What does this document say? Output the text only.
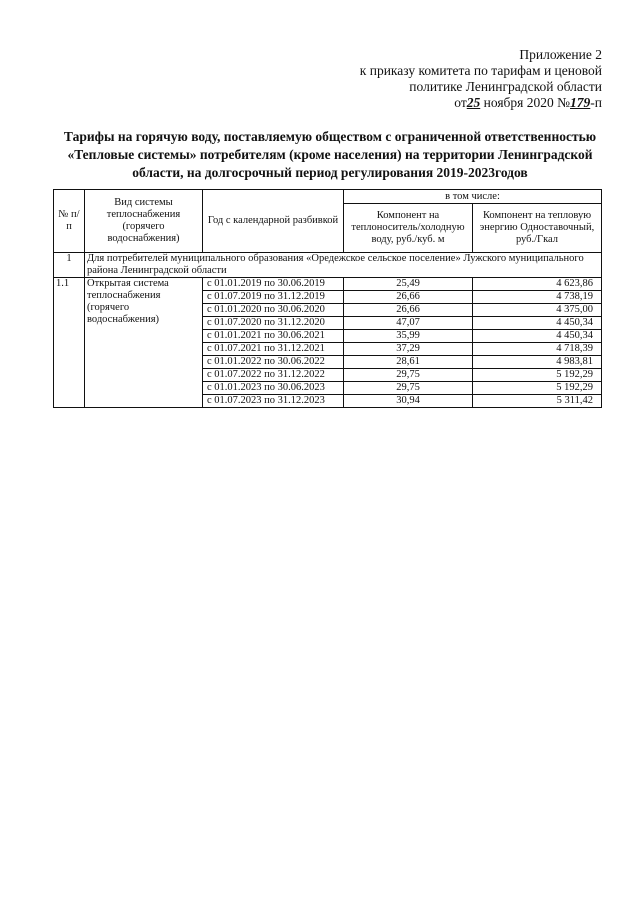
Приложение 2
к приказу комитета по тарифам и ценовой
политике Ленинградской области
от25 ноября 2020 №179-п
Тарифы на горячую воду, поставляемую обществом с ограниченной ответственностью
«Тепловые системы» потребителям (кроме населения) на территории Ленинградской
области, на долгосрочный период регулирования 2019-2023годов
№ п/п	Вид системы теплоснабжения (горячего водоснабжения)	Год с календарной разбивкой	в том числе:	
			Компонент на теплоноситель/холодную воду, руб./куб. м	Компонент на тепловую энергию Одноставочный, руб./Гкал
1	Для потребителей муниципального образования «Оредежское сельское поселение» Лужского муниципального района Ленинградской области			
1.1	Открытая система теплоснабжения (горячего водоснабжения)	с 01.01.2019 по 30.06.2019	25,49	4 623,86
		с 01.07.2019 по 31.12.2019	26,66	4 738,19
		с 01.01.2020 по 30.06.2020	26,66	4 375,00
		с 01.07.2020 по 31.12.2020	47,07	4 450,34
		с 01.01.2021 по 30.06.2021	35,99	4 450,34
		с 01.07.2021 по 31.12.2021	37,29	4 718,39
		с 01.01.2022 по 30.06.2022	28,61	4 983,81
		с 01.07.2022 по 31.12.2022	29,75	5 192,29
		с 01.01.2023 по 30.06.2023	29,75	5 192,29
		с 01.07.2023 по 31.12.2023	30,94	5 311,42
